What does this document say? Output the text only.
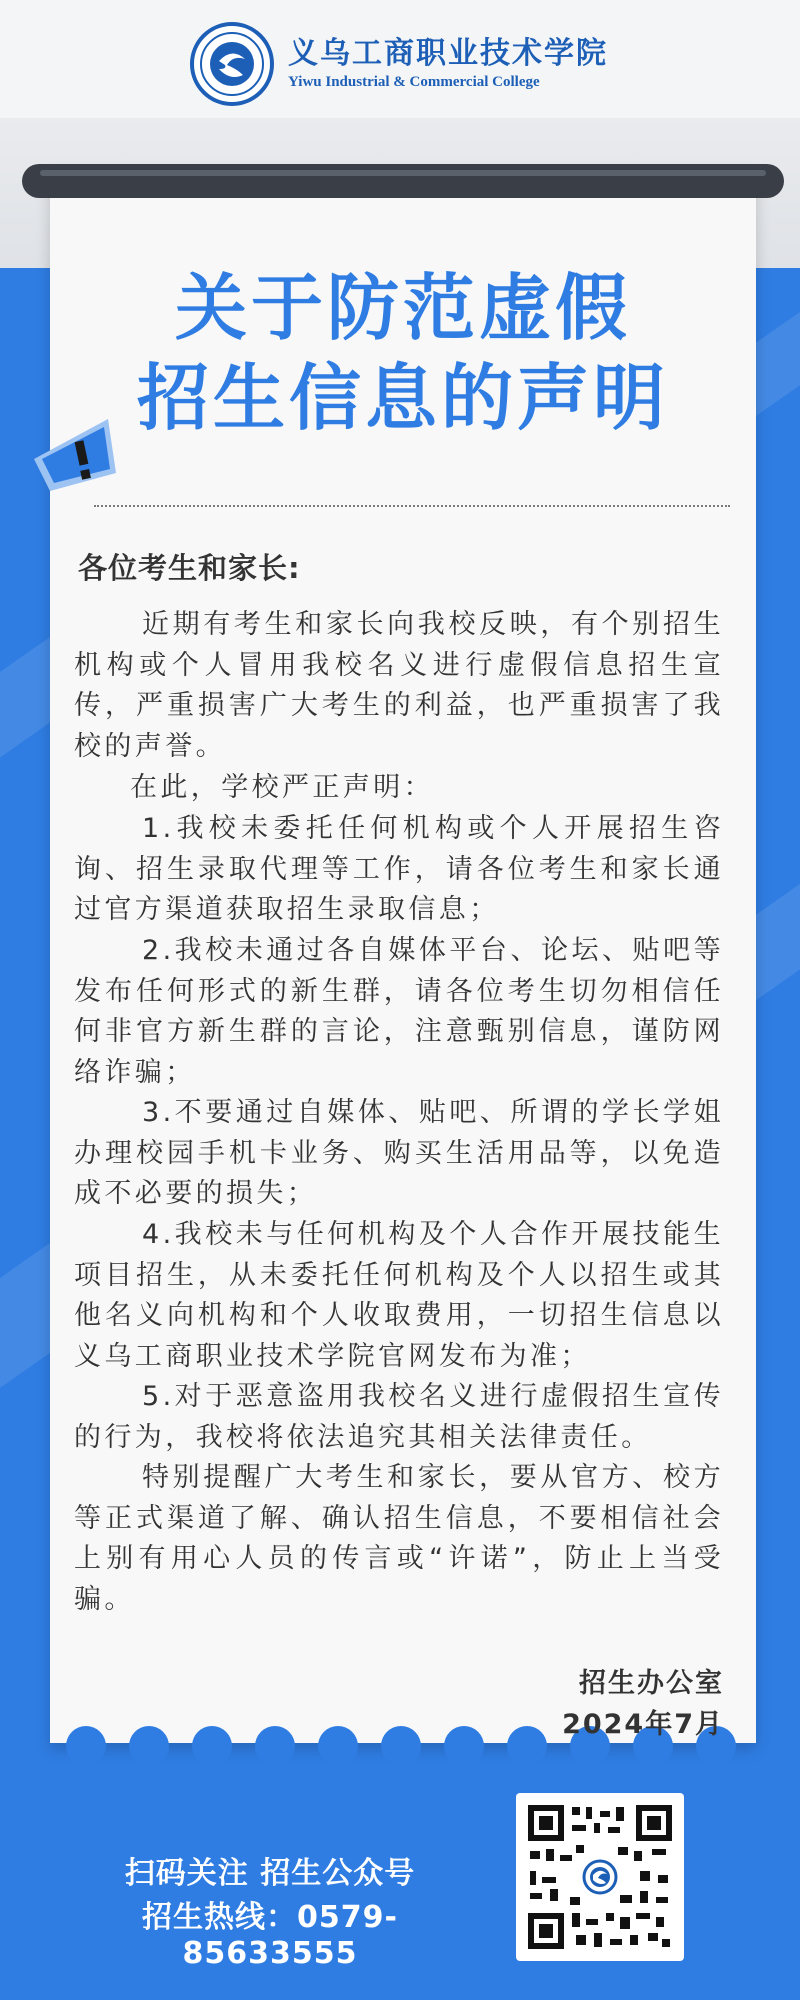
义乌工商职业技术学院
Yiwu Industrial & Commercial College
关于防范虚假
招生信息的声明
各位考生和家长:
近期有考生和家长向我校反映，有个别招生机构或个人冒用我校名义进行虚假信息招生宣传，严重损害广大考生的利益，也严重损害了我校的声誉。
在此，学校严正声明：
1.我校未委托任何机构或个人开展招生咨询、招生录取代理等工作，请各位考生和家长通过官方渠道获取招生录取信息；
2.我校未通过各自媒体平台、论坛、贴吧等发布任何形式的新生群，请各位考生切勿相信任何非官方新生群的言论，注意甄别信息，谨防网络诈骗；
3.不要通过自媒体、贴吧、所谓的学长学姐办理校园手机卡业务、购买生活用品等，以免造成不必要的损失；
4.我校未与任何机构及个人合作开展技能生项目招生，从未委托任何机构及个人以招生或其他名义向机构和个人收取费用，一切招生信息以义乌工商职业技术学院官网发布为准；
5.对于恶意盗用我校名义进行虚假招生宣传的行为，我校将依法追究其相关法律责任。
特别提醒广大考生和家长，要从官方、校方等正式渠道了解、确认招生信息，不要相信社会上别有用心人员的传言或“许诺”，防止上当受骗。
招生办公室
2024年7月
扫码关注 招生公众号
招生热线：0579-85633555
